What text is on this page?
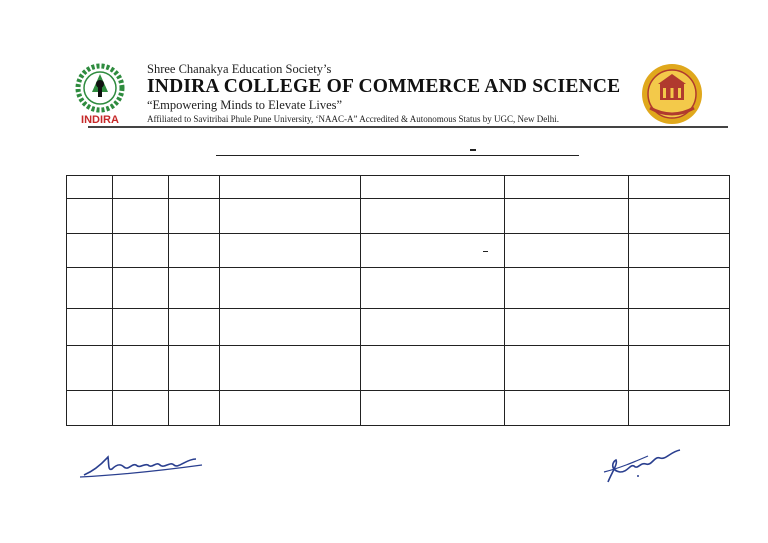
INDIRA
Shree Chanakya Education Society’s
INDIRA COLLEGE OF COMMERCE AND SCIENCE
“Empowering Minds to Elevate Lives”
Affiliated to Savitribai Phule Pune University, ‘NAAC-A” Accredited & Autonomous Status by UGC, New Delhi.
